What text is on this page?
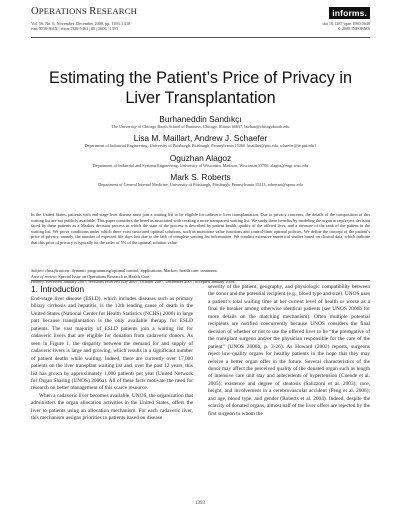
OPERATIONS RESEARCH
Vol. 56, No. 6, November–December 2008, pp. 1393–1410
issn 0030-364X | eissn 1526-5463 | 08 | 5606 | 1393
informs.
doi 10.1287/opre.1080.0648
© 2008 INFORMS
Estimating the Patient’s Price of Privacy in Liver Transplantation
Burhaneddin Sandıkçı
The University of Chicago Booth School of Business, Chicago, Illinois 60637, burhan@chicagobooth.edu
Lisa M. Maillart, Andrew J. Schaefer
Department of Industrial Engineering, University of Pittsburgh, Pittsburgh, Pennsylvania 15260 {maillart@pitt.edu, schaefer@ie.pitt.edu}
Oguzhan Alagoz
Department of Industrial and Systems Engineering, University of Wisconsin, Madison, Wisconsin 53706, alagoz@engr.wisc.edu
Mark S. Roberts
Department of General Internal Medicine, University of Pittsburgh, Pittsburgh, Pennsylvania 15213, robertsm@upmc.edu

In the United States, patients with end-stage liver disease must join a waiting list to be eligible for cadaveric liver transplantation. Due to privacy concerns, the details of the composition of this waiting list are not publicly available. This paper considers the benefits associated with creating a more transparent waiting list. We study these benefits by modeling the organ accept/reject decision faced by these patients as a Markov decision process in which the state of the process is described by patient health, quality of the offered liver, and a measure of the rank of the patient in the waiting list. We prove conditions under which there exist structured optimal solutions, such as monotone value functions and control-limit optimal policies. We define the concept of the patient’s price of privacy, namely, the number of expected life days lost due to the lack of complete waiting list information. We conduct extensive numerical studies based on clinical data, which indicate that this price of privacy is typically on the order of 5% of the optimal solution value.

Subject classifications: dynamic programming/optimal control: applications, Markov; health care: treatment.

Area of review: Special Issue on Operations Research in Health Care.

History: Received January 2007; revisions received July 2007, October 2007, December 2007; accepted January 2008.

1. Introduction

End-stage liver disease (ESLD), which includes diseases such as primary biliary cirrhosis and hepatitis, is the 12th leading cause of death in the United States (National Center for Health Statistics (NCHS) 2006) in large part because transplantation is the only available therapy for ESLD patients. The vast majority of ESLD patients join a waiting list for cadaveric livers that are eligible for donation from cadaveric donors. As seen in Figure 1, the disparity between the demand for and supply of cadaveric livers is large and growing, which results in a significant number of patient deaths while waiting. Indeed, there are currently over 17,000 patients on the liver transplant waiting list and, over the past 12 years, this list has grown by approximately 1,000 patients per year (United Network for Organ Sharing (UNOS) 2006a). All of these facts motivate the need for research on better management of this scarce resource.

When a cadaveric liver becomes available, UNOS, the organization that administers the organ allocation activities in the United States, offers the liver to patients using an allocation mechanism. For each cadaveric liver, this mechanism assigns priorities to patients based on disease

severity of the patient, geography, and physiologic compatibility between the donor and the potential recipient (e.g., blood type and size). UNOS uses a patient’s total waiting time at her current level of health or worse as a final tie breaker among otherwise identical patients (see UNOS 2006b for more details on the matching mechanism). Often multiple potential recipients are notified concurrently because UNOS considers the final decision of whether or not to use the offered liver to be “the prerogative of the transplant surgeon and/or the physician responsible for the care of the patient” (UNOS 2006b, p. 3-26). As Howard (2002) reports, surgeons reject low-quality organs for healthy patients in the hope that they may receive a better organ offer in the future. Several characteristics of the donor may affect the perceived quality of the donated organ such as length of intensive care unit stay and antecedents of hypertension (Cuende et al. 2005); existence and degree of steatosis (Salizzoni et al. 2003); race, height, and involvement in a cerebrovascular accident (Feng et al. 2006); and age, blood type, and gender (Roberts et al. 2004). Indeed, despite the scarcity of donated organs, almost half of the liver offers are rejected by the first surgeon to whom the

1393
